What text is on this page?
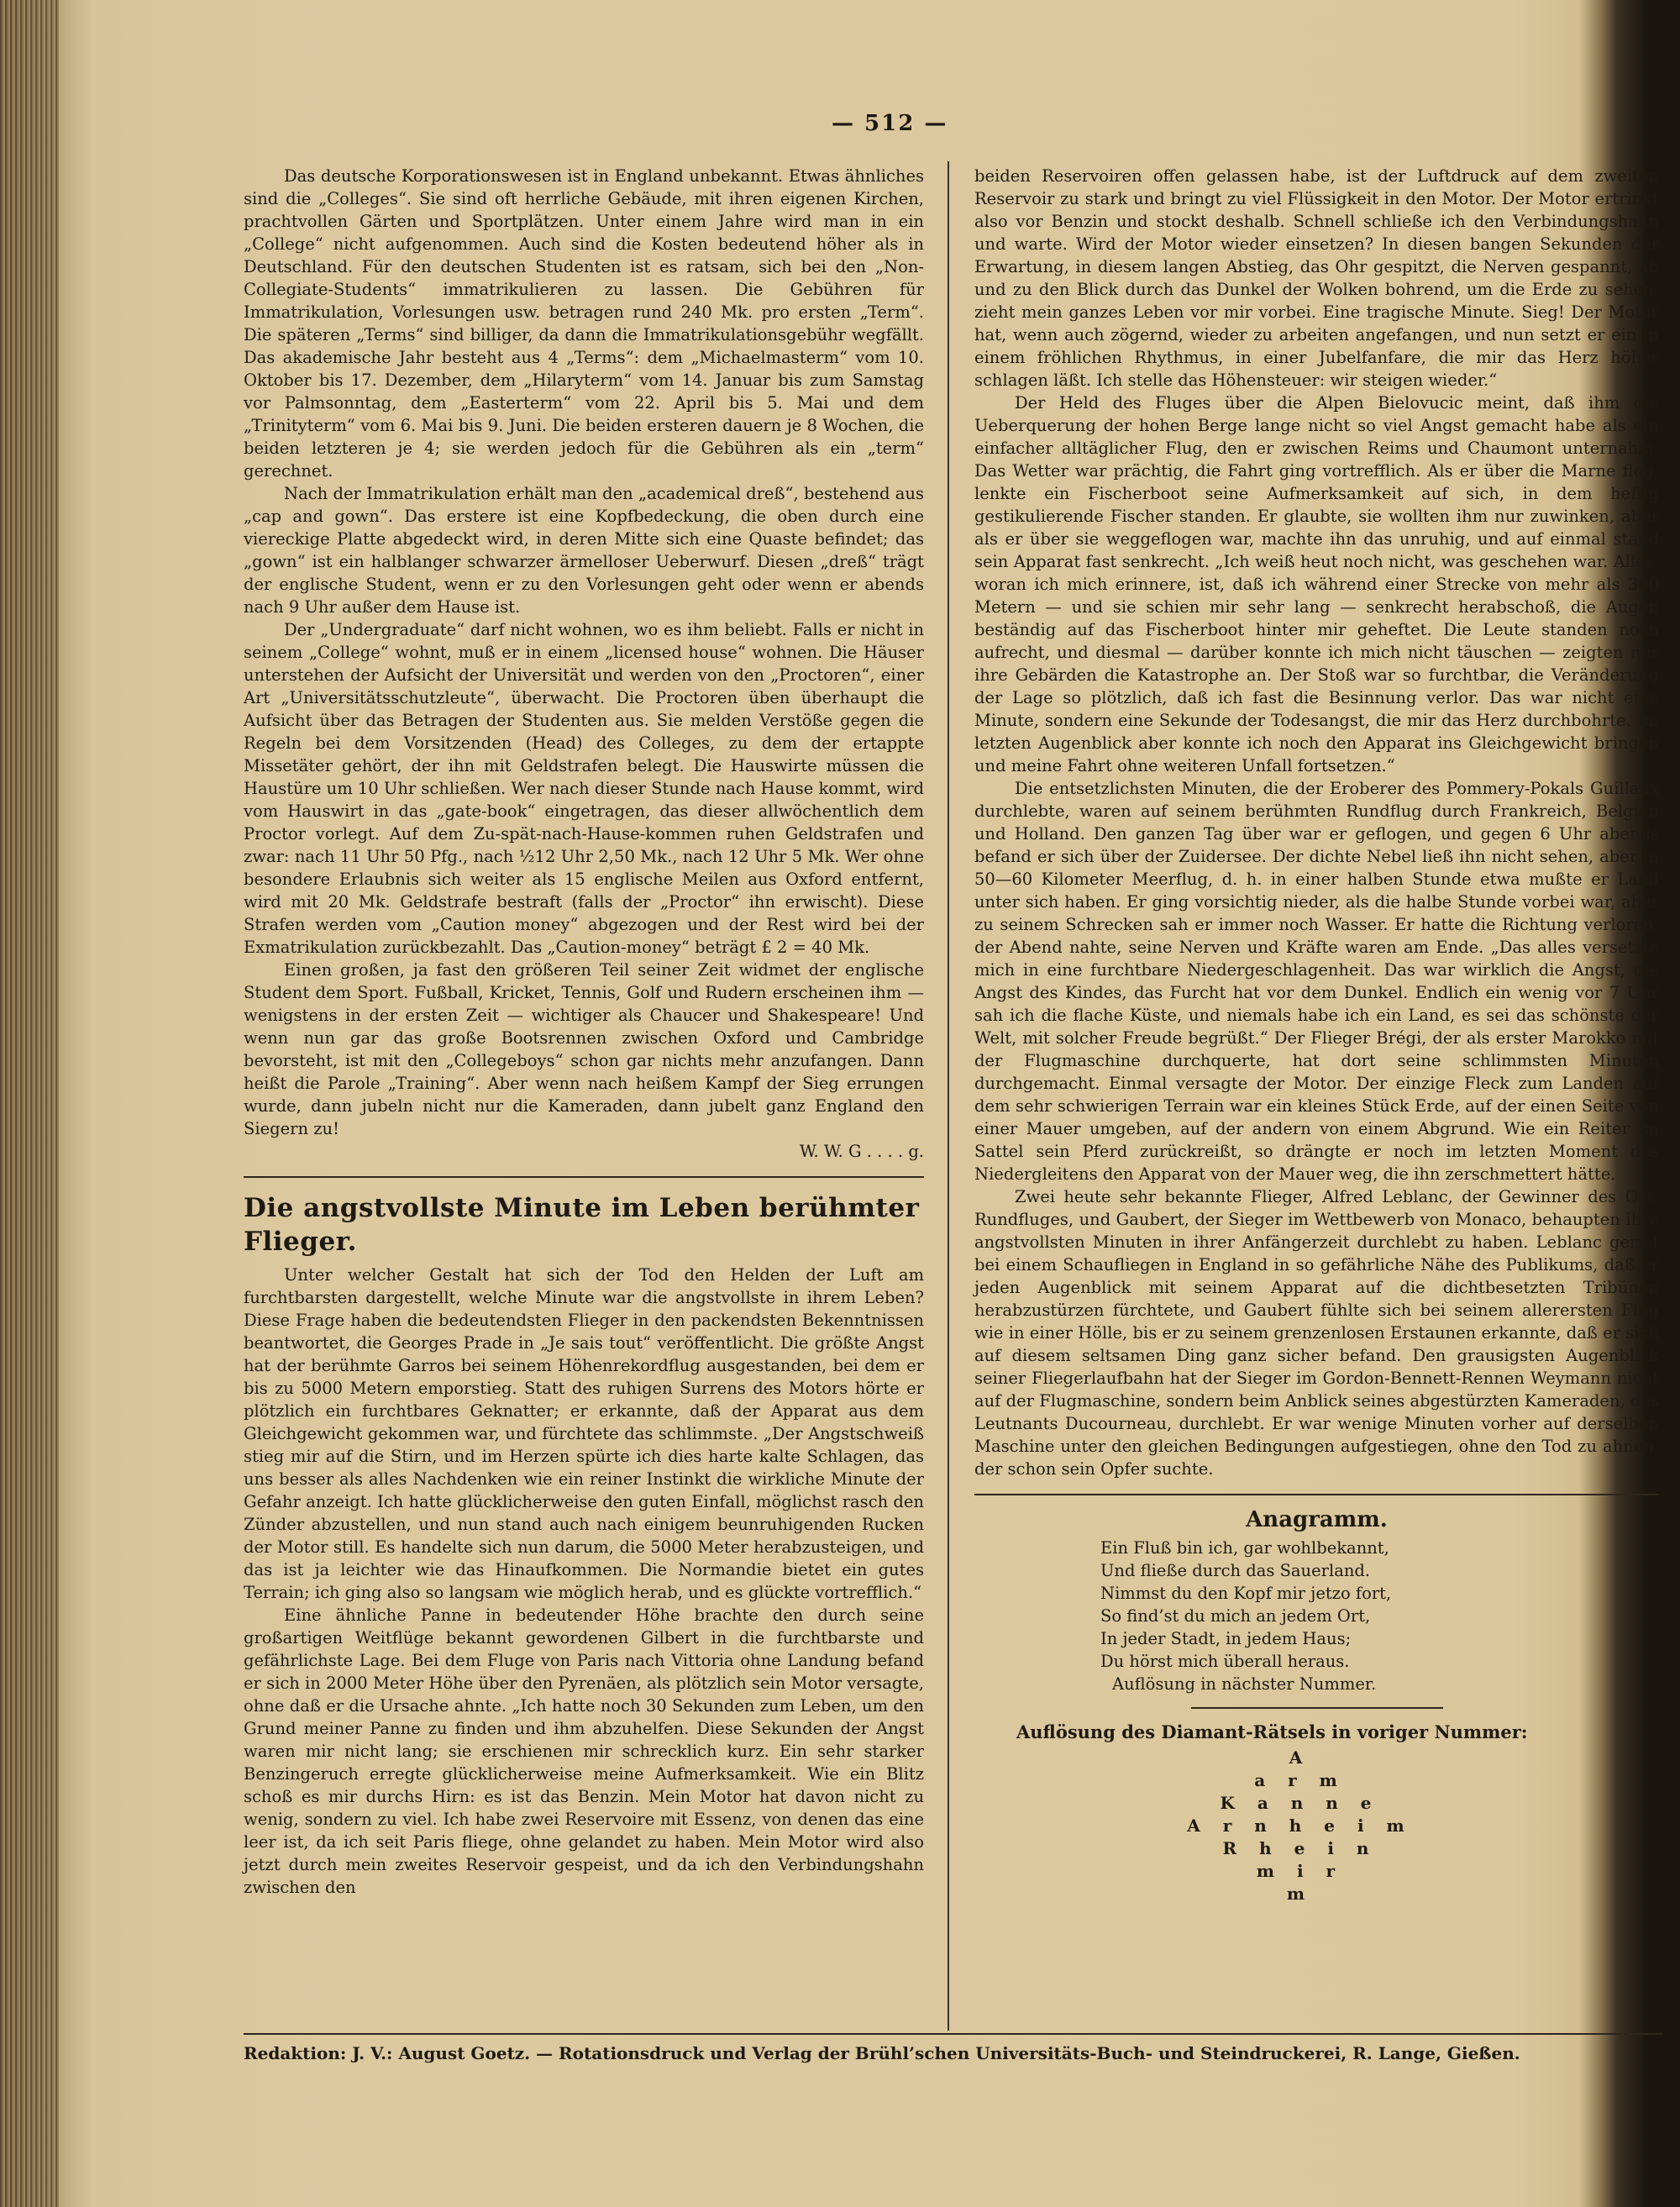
— 512 —

Das deutsche Korporationswesen ist in England unbekannt. Etwas ähnliches sind die „Colleges“. Sie sind oft herrliche Gebäude, mit ihren eigenen Kirchen, prachtvollen Gärten und Sportplätzen. Unter einem Jahre wird man in ein „College“ nicht aufgenommen. Auch sind die Kosten bedeutend höher als in Deutschland. Für den deutschen Studenten ist es ratsam, sich bei den „Non-Collegiate-Students“ immatrikulieren zu lassen. Die Gebühren für Immatrikulation, Vorlesungen usw. betragen rund 240 Mk. pro ersten „Term“. Die späteren „Terms“ sind billiger, da dann die Immatrikulationsgebühr wegfällt. Das akademische Jahr besteht aus 4 „Terms“: dem „Michaelmasterm“ vom 10. Oktober bis 17. Dezember, dem „Hilaryterm“ vom 14. Januar bis zum Samstag vor Palmsonntag, dem „Easterterm“ vom 22. April bis 5. Mai und dem „Trinityterm“ vom 6. Mai bis 9. Juni. Die beiden ersteren dauern je 8 Wochen, die beiden letzteren je 4; sie werden jedoch für die Gebühren als ein „term“ gerechnet.

Nach der Immatrikulation erhält man den „academical dreß“, bestehend aus „cap and gown“. Das erstere ist eine Kopfbedeckung, die oben durch eine viereckige Platte abgedeckt wird, in deren Mitte sich eine Quaste befindet; das „gown“ ist ein halblanger schwarzer ärmelloser Ueberwurf. Diesen „dreß“ trägt der englische Student, wenn er zu den Vorlesungen geht oder wenn er abends nach 9 Uhr außer dem Hause ist.

Der „Undergraduate“ darf nicht wohnen, wo es ihm beliebt. Falls er nicht in seinem „College“ wohnt, muß er in einem „licensed house“ wohnen. Die Häuser unterstehen der Aufsicht der Universität und werden von den „Proctoren“, einer Art „Universitätsschutzleute“, überwacht. Die Proctoren üben überhaupt die Aufsicht über das Betragen der Studenten aus. Sie melden Verstöße gegen die Regeln bei dem Vorsitzenden (Head) des Colleges, zu dem der ertappte Missetäter gehört, der ihn mit Geldstrafen belegt. Die Hauswirte müssen die Haustüre um 10 Uhr schließen. Wer nach dieser Stunde nach Hause kommt, wird vom Hauswirt in das „gate-book“ eingetragen, das dieser allwöchentlich dem Proctor vorlegt. Auf dem Zu-spät-nach-Hause-kommen ruhen Geldstrafen und zwar: nach 11 Uhr 50 Pfg., nach ½12 Uhr 2,50 Mk., nach 12 Uhr 5 Mk. Wer ohne besondere Erlaubnis sich weiter als 15 englische Meilen aus Oxford entfernt, wird mit 20 Mk. Geldstrafe bestraft (falls der „Proctor“ ihn erwischt). Diese Strafen werden vom „Caution money“ abgezogen und der Rest wird bei der Exmatrikulation zurückbezahlt. Das „Caution-money“ beträgt £ 2 = 40 Mk.

Einen großen, ja fast den größeren Teil seiner Zeit widmet der englische Student dem Sport. Fußball, Kricket, Tennis, Golf und Rudern erscheinen ihm — wenigstens in der ersten Zeit — wichtiger als Chaucer und Shakespeare! Und wenn nun gar das große Bootsrennen zwischen Oxford und Cambridge bevorsteht, ist mit den „Collegeboys“ schon gar nichts mehr anzufangen. Dann heißt die Parole „Training“. Aber wenn nach heißem Kampf der Sieg errungen wurde, dann jubeln nicht nur die Kameraden, dann jubelt ganz England den Siegern zu!

W. W. G . . . . g.
Die angstvollste Minute im Leben berühmter Flieger.

Unter welcher Gestalt hat sich der Tod den Helden der Luft am furchtbarsten dargestellt, welche Minute war die angstvollste in ihrem Leben? Diese Frage haben die bedeutendsten Flieger in den packendsten Bekenntnissen beantwortet, die Georges Prade in „Je sais tout“ veröffentlicht. Die größte Angst hat der berühmte Garros bei seinem Höhenrekordflug ausgestanden, bei dem er bis zu 5000 Metern emporstieg. Statt des ruhigen Surrens des Motors hörte er plötzlich ein furchtbares Geknatter; er erkannte, daß der Apparat aus dem Gleichgewicht gekommen war, und fürchtete das schlimmste. „Der Angstschweiß stieg mir auf die Stirn, und im Herzen spürte ich dies harte kalte Schlagen, das uns besser als alles Nachdenken wie ein reiner Instinkt die wirkliche Minute der Gefahr anzeigt. Ich hatte glücklicherweise den guten Einfall, möglichst rasch den Zünder abzustellen, und nun stand auch nach einigem beunruhigenden Rucken der Motor still. Es handelte sich nun darum, die 5000 Meter herabzusteigen, und das ist ja leichter wie das Hinaufkommen. Die Normandie bietet ein gutes Terrain; ich ging also so langsam wie möglich herab, und es glückte vortrefflich.“

Eine ähnliche Panne in bedeutender Höhe brachte den durch seine großartigen Weitflüge bekannt gewordenen Gilbert in die furchtbarste und gefährlichste Lage. Bei dem Fluge von Paris nach Vittoria ohne Landung befand er sich in 2000 Meter Höhe über den Pyrenäen, als plötzlich sein Motor versagte, ohne daß er die Ursache ahnte. „Ich hatte noch 30 Sekunden zum Leben, um den Grund meiner Panne zu finden und ihm abzuhelfen. Diese Sekunden der Angst waren mir nicht lang; sie erschienen mir schrecklich kurz. Ein sehr starker Benzingeruch erregte glücklicherweise meine Aufmerksamkeit. Wie ein Blitz schoß es mir durchs Hirn: es ist das Benzin. Mein Motor hat davon nicht zu wenig, sondern zu viel. Ich habe zwei Reservoire mit Essenz, von denen das eine leer ist, da ich seit Paris fliege, ohne gelandet zu haben. Mein Motor wird also jetzt durch mein zweites Reservoir gespeist, und da ich den Verbindungshahn zwischen den

beiden Reservoiren offen gelassen habe, ist der Luftdruck auf dem zweiten Reservoir zu stark und bringt zu viel Flüssigkeit in den Motor. Der Motor ertrinkt also vor Benzin und stockt deshalb. Schnell schließe ich den Verbindungshahn und warte. Wird der Motor wieder einsetzen? In diesen bangen Sekunden der Erwartung, in diesem langen Abstieg, das Ohr gespitzt, die Nerven gespannt, ab und zu den Blick durch das Dunkel der Wolken bohrend, um die Erde zu sehen, zieht mein ganzes Leben vor mir vorbei. Eine tragische Minute. Sieg! Der Motor hat, wenn auch zögernd, wieder zu arbeiten angefangen, und nun setzt er ein in einem fröhlichen Rhythmus, in einer Jubelfanfare, die mir das Herz höher schlagen läßt. Ich stelle das Höhensteuer: wir steigen wieder.“

Der Held des Fluges über die Alpen Bielovucic meint, daß ihm die Ueberquerung der hohen Berge lange nicht so viel Angst gemacht habe als ein einfacher alltäglicher Flug, den er zwischen Reims und Chaumont unternahm. Das Wetter war prächtig, die Fahrt ging vortrefflich. Als er über die Marne flog, lenkte ein Fischerboot seine Aufmerksamkeit auf sich, in dem heftig gestikulierende Fischer standen. Er glaubte, sie wollten ihm nur zuwinken, aber als er über sie weggeflogen war, machte ihn das unruhig, und auf einmal stand sein Apparat fast senkrecht. „Ich weiß heut noch nicht, was geschehen war. Alles, woran ich mich erinnere, ist, daß ich während einer Strecke von mehr als 300 Metern — und sie schien mir sehr lang — senkrecht herabschoß, die Augen beständig auf das Fischerboot hinter mir geheftet. Die Leute standen noch aufrecht, und diesmal — darüber konnte ich mich nicht täuschen — zeigten mir ihre Gebärden die Katastrophe an. Der Stoß war so furchtbar, die Veränderung der Lage so plötzlich, daß ich fast die Besinnung verlor. Das war nicht eine Minute, sondern eine Sekunde der Todesangst, die mir das Herz durchbohrte. Im letzten Augenblick aber konnte ich noch den Apparat ins Gleichgewicht bringen und meine Fahrt ohne weiteren Unfall fortsetzen.“

Die entsetzlichsten Minuten, die der Eroberer des Pommery-Pokals Guillaux durchlebte, waren auf seinem berühmten Rundflug durch Frankreich, Belgien und Holland. Den ganzen Tag über war er geflogen, und gegen 6 Uhr abends befand er sich über der Zuidersee. Der dichte Nebel ließ ihn nicht sehen, aber in 50—60 Kilometer Meerflug, d. h. in einer halben Stunde etwa mußte er Land unter sich haben. Er ging vorsichtig nieder, als die halbe Stunde vorbei war, aber zu seinem Schrecken sah er immer noch Wasser. Er hatte die Richtung verloren, der Abend nahte, seine Nerven und Kräfte waren am Ende. „Das alles versetzte mich in eine furchtbare Niedergeschlagenheit. Das war wirklich die Angst, die Angst des Kindes, das Furcht hat vor dem Dunkel. Endlich ein wenig vor 7 Uhr sah ich die flache Küste, und niemals habe ich ein Land, es sei das schönste der Welt, mit solcher Freude begrüßt.“ Der Flieger Brégi, der als erster Marokko mit der Flugmaschine durchquerte, hat dort seine schlimmsten Minuten durchgemacht. Einmal versagte der Motor. Der einzige Fleck zum Landen auf dem sehr schwierigen Terrain war ein kleines Stück Erde, auf der einen Seite von einer Mauer umgeben, auf der andern von einem Abgrund. Wie ein Reiter im Sattel sein Pferd zurückreißt, so drängte er noch im letzten Moment des Niedergleitens den Apparat von der Mauer weg, die ihn zerschmettert hätte.

Zwei heute sehr bekannte Flieger, Alfred Leblanc, der Gewinner des Ost-Rundfluges, und Gaubert, der Sieger im Wettbewerb von Monaco, behaupten ihre angstvollsten Minuten in ihrer Anfängerzeit durchlebt zu haben. Leblanc geriet bei einem Schaufliegen in England in so gefährliche Nähe des Publikums, daß er jeden Augenblick mit seinem Apparat auf die dichtbesetzten Tribünen herabzustürzen fürchtete, und Gaubert fühlte sich bei seinem allerersten Flug wie in einer Hölle, bis er zu seinem grenzenlosen Erstaunen erkannte, daß er sich auf diesem seltsamen Ding ganz sicher befand. Den grausigsten Augenblick seiner Fliegerlaufbahn hat der Sieger im Gordon-Bennett-Rennen Weymann nicht auf der Flugmaschine, sondern beim Anblick seines abgestürzten Kameraden, des Leutnants Ducourneau, durchlebt. Er war wenige Minuten vorher auf derselben Maschine unter den gleichen Bedingungen aufgestiegen, ohne den Tod zu ahnen, der schon sein Opfer suchte.

Anagramm.
Ein Fluß bin ich, gar wohlbekannt,
Und fließe durch das Sauerland.
Nimmst du den Kopf mir jetzo fort,
So find’st du mich an jedem Ort,
In jeder Stadt, in jedem Haus;
Du hörst mich überall heraus.
Auflösung in nächster Nummer.
Auflösung des Diamant-Rätsels in voriger Nummer:
A
a r m
K a n n e
A r n h e i m
R h e i n
m i r
m
Redaktion: J. V.: August Goetz. — Rotationsdruck und Verlag der Brühl’schen Universitäts-Buch- und Steindruckerei, R. Lange, Gießen.
